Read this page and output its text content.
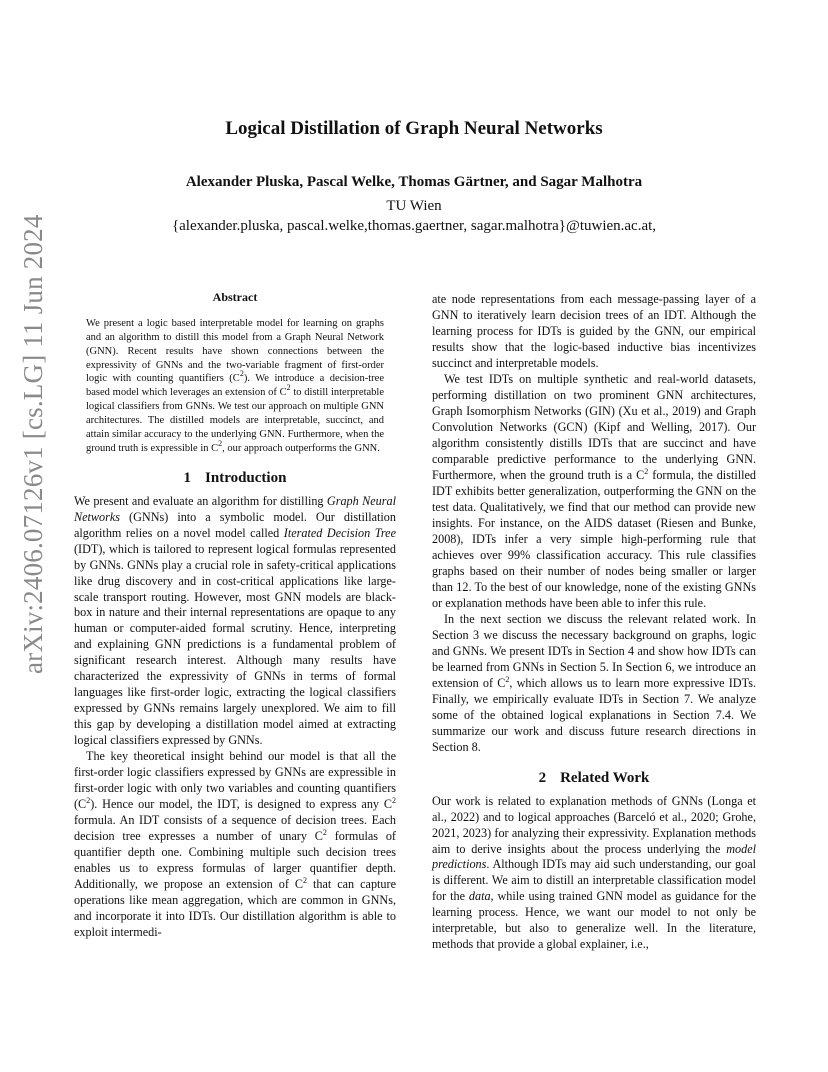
arXiv:2406.07126v1 [cs.LG] 11 Jun 2024
Logical Distillation of Graph Neural Networks
Alexander Pluska, Pascal Welke, Thomas Gärtner, and Sagar Malhotra
TU Wien
{alexander.pluska, pascal.welke,thomas.gaertner, sagar.malhotra}@tuwien.ac.at,
Abstract

We present a logic based interpretable model for learning on graphs and an algorithm to distill this model from a Graph Neural Network (GNN). Recent results have shown connections between the expressivity of GNNs and the two-variable fragment of first-order logic with counting quantifiers $(C^2)$. We introduce a decision-tree based model which leverages an extension of $C^2$ to distill interpretable logical classifiers from GNNs. We test our approach on multiple GNN architectures. The distilled models are interpretable, succinct, and attain similar accuracy to the underlying GNN. Furthermore, when the ground truth is expressible in $C^2$, our approach outperforms the GNN.

1 Introduction

We present and evaluate an algorithm for distilling Graph Neural Networks (GNNs) into a symbolic model. Our distillation algorithm relies on a novel model called Iterated Decision Tree (IDT), which is tailored to represent logical formulas represented by GNNs. GNNs play a crucial role in safety-critical applications like drug discovery and in cost-critical applications like large-scale transport routing. However, most GNN models are black-box in nature and their internal representations are opaque to any human or computer-aided formal scrutiny. Hence, interpreting and explaining GNN predictions is a fundamental problem of significant research interest. Although many results have characterized the expressivity of GNNs in terms of formal languages like first-order logic, extracting the logical classifiers expressed by GNNs remains largely unexplored. We aim to fill this gap by developing a distillation model aimed at extracting logical classifiers expressed by GNNs.

The key theoretical insight behind our model is that all the first-order logic classifiers expressed by GNNs are expressible in first-order logic with only two variables and counting quantifiers $(C^2)$. Hence our model, the IDT, is designed to express any $C^2$ formula. An IDT consists of a sequence of decision trees. Each decision tree expresses a number of unary $C^2$ formulas of quantifier depth one. Combining multiple such decision trees enables us to express formulas of larger quantifier depth. Additionally, we propose an extension of $C^2$ that can capture operations like mean aggregation, which are common in GNNs, and incorporate it into IDTs. Our distillation algorithm is able to exploit intermedi-

ate node representations from each message-passing layer of a GNN to iteratively learn decision trees of an IDT. Although the learning process for IDTs is guided by the GNN, our empirical results show that the logic-based inductive bias incentivizes succinct and interpretable models.

We test IDTs on multiple synthetic and real-world datasets, performing distillation on two prominent GNN architectures, Graph Isomorphism Networks (GIN) (Xu et al., 2019) and Graph Convolution Networks (GCN) (Kipf and Welling, 2017). Our algorithm consistently distills IDTs that are succinct and have comparable predictive performance to the underlying GNN. Furthermore, when the ground truth is a $C^2$ formula, the distilled IDT exhibits better generalization, outperforming the GNN on the test data. Qualitatively, we find that our method can provide new insights. For instance, on the AIDS dataset (Riesen and Bunke, 2008), IDTs infer a very simple high-performing rule that achieves over 99% classification accuracy. This rule classifies graphs based on their number of nodes being smaller or larger than 12. To the best of our knowledge, none of the existing GNNs or explanation methods have been able to infer this rule.

In the next section we discuss the relevant related work. In Section 3 we discuss the necessary background on graphs, logic and GNNs. We present IDTs in Section 4 and show how IDTs can be learned from GNNs in Section 5. In Section 6, we introduce an extension of $C^2$, which allows us to learn more expressive IDTs. Finally, we empirically evaluate IDTs in Section 7. We analyze some of the obtained logical explanations in Section 7.4. We summarize our work and discuss future research directions in Section 8.

2 Related Work

Our work is related to explanation methods of GNNs (Longa et al., 2022) and to logical approaches (Barceló et al., 2020; Grohe, 2021, 2023) for analyzing their expressivity. Explanation methods aim to derive insights about the process underlying the model predictions. Although IDTs may aid such understanding, our goal is different. We aim to distill an interpretable classification model for the data, while using trained GNN model as guidance for the learning process. Hence, we want our model to not only be interpretable, but also to generalize well. In the literature, methods that provide a global explainer, i.e.,
